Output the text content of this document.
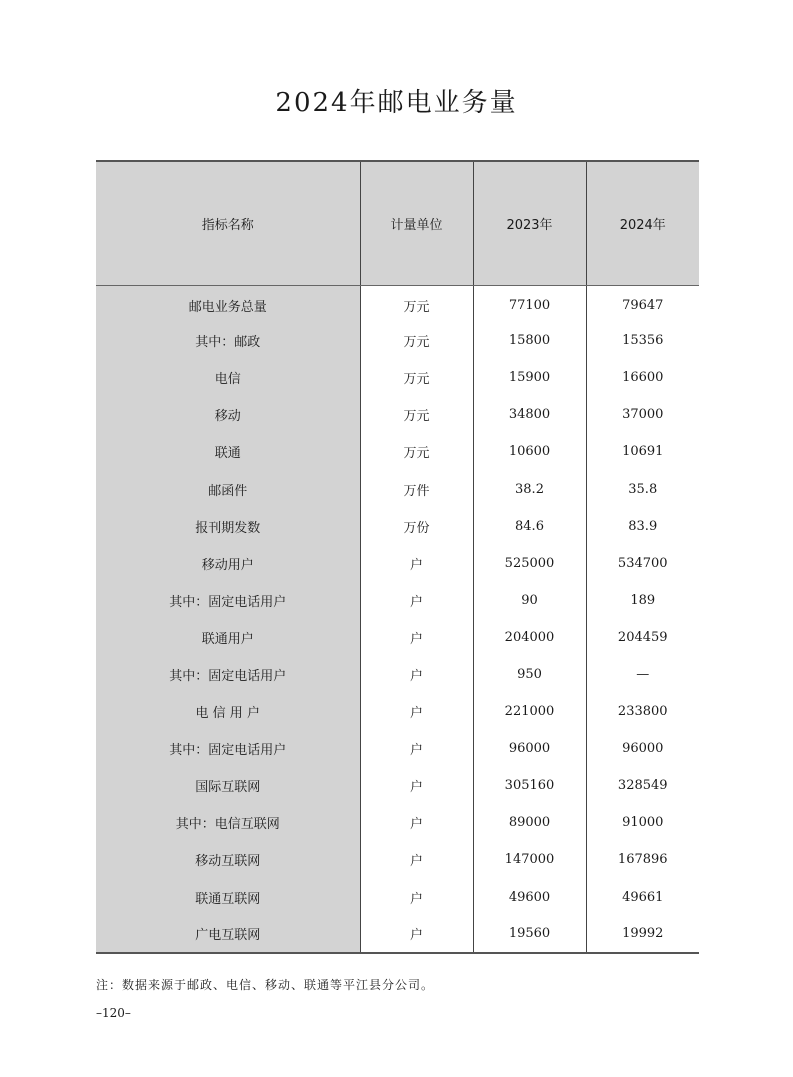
2024年邮电业务量
指标名称	计量单位	2023年	2024年
邮电业务总量	万元	77100	79647
其中：邮政	万元	15800	15356
电信	万元	15900	16600
移动	万元	34800	37000
联通	万元	10600	10691
邮函件	万件	38.2	35.8
报刊期发数	万份	84.6	83.9
移动用户	户	525000	534700
其中：固定电话用户	户	90	189
联通用户	户	204000	204459
其中：固定电话用户	户	950	—
电 信 用 户	户	221000	233800
其中：固定电话用户	户	96000	96000
国际互联网	户	305160	328549
其中：电信互联网	户	89000	91000
移动互联网	户	147000	167896
联通互联网	户	49600	49661
广电互联网	户	19560	19992
注：数据来源于邮政、电信、移动、联通等平江县分公司。
–120–
